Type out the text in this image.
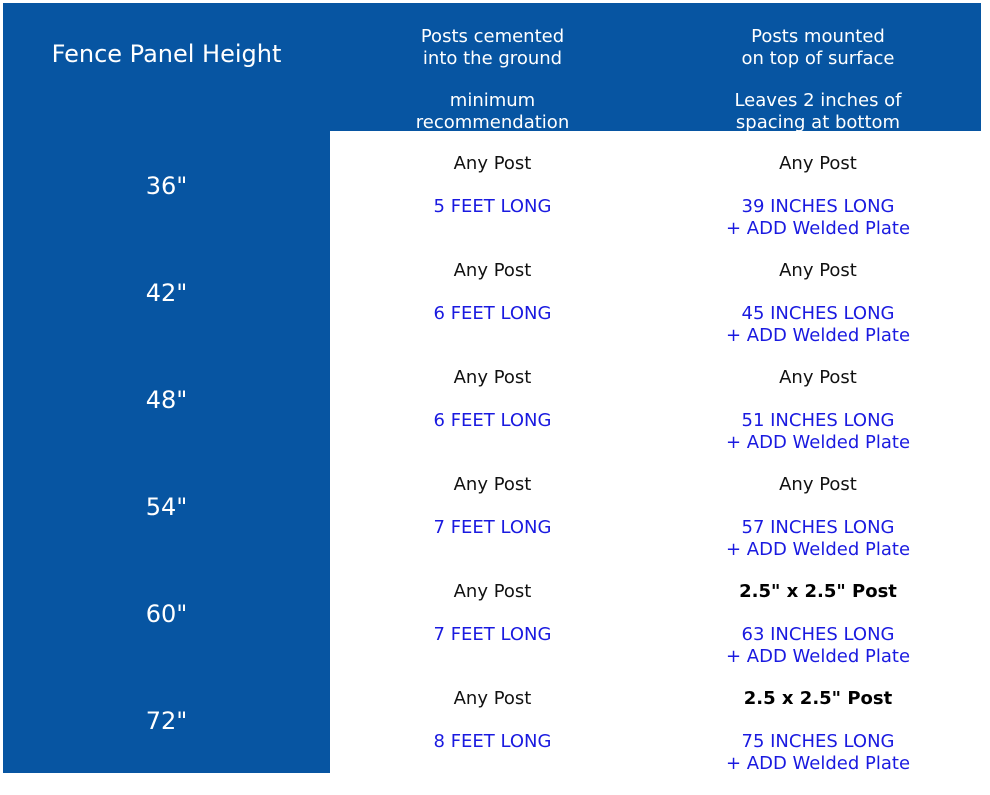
Fence Panel Height
Posts cemented
into the ground
minimum
recommendation
Posts mounted
on top of surface
Leaves 2 inches of
spacing at bottom
36"
Any Post
5 FEET LONG
Any Post
39 INCHES LONG
+ ADD Welded Plate
42"
Any Post
6 FEET LONG
Any Post
45 INCHES LONG
+ ADD Welded Plate
48"
Any Post
6 FEET LONG
Any Post
51 INCHES LONG
+ ADD Welded Plate
54"
Any Post
7 FEET LONG
Any Post
57 INCHES LONG
+ ADD Welded Plate
60"
Any Post
7 FEET LONG
2.5" x 2.5" Post
63 INCHES LONG
+ ADD Welded Plate
72"
Any Post
8 FEET LONG
2.5 x 2.5" Post
75 INCHES LONG
+ ADD Welded Plate
